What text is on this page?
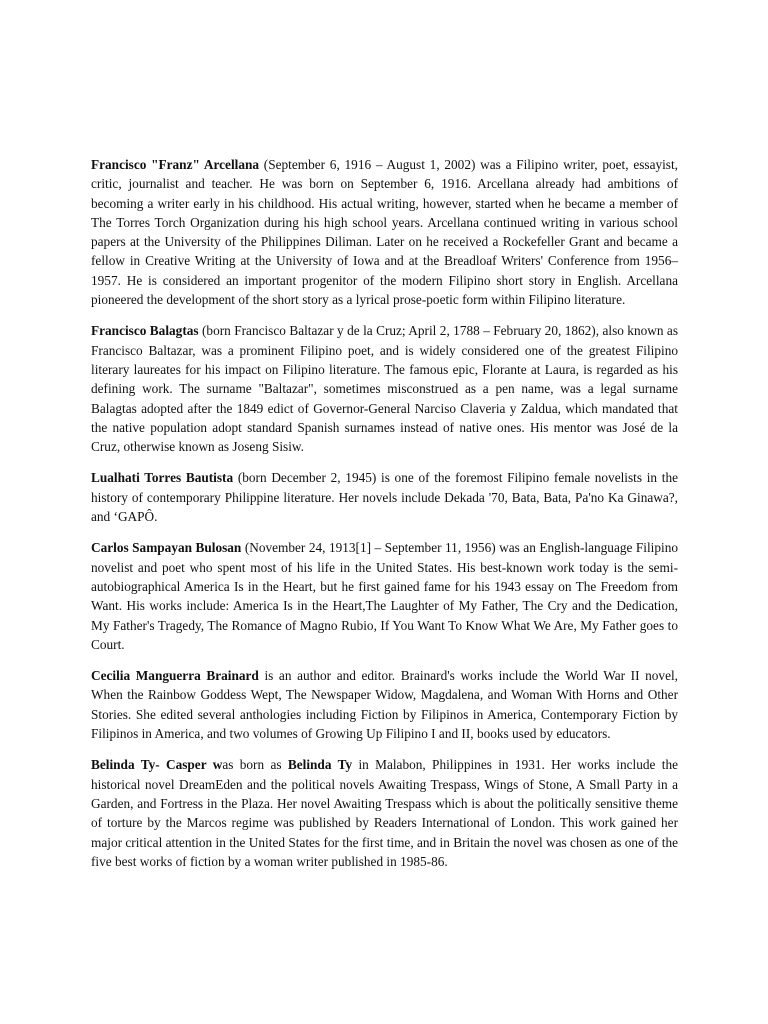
Francisco "Franz" Arcellana (September 6, 1916 – August 1, 2002) was a Filipino writer, poet, essayist, critic, journalist and teacher. He was born on September 6, 1916. Arcellana already had ambitions of becoming a writer early in his childhood. His actual writing, however, started when he became a member of The Torres Torch Organization during his high school years. Arcellana continued writing in various school papers at the University of the Philippines Diliman. Later on he received a Rockefeller Grant and became a fellow in Creative Writing at the University of Iowa and at the Breadloaf Writers' Conference from 1956– 1957. He is considered an important progenitor of the modern Filipino short story in English. Arcellana pioneered the development of the short story as a lyrical prose-poetic form within Filipino literature.

Francisco Balagtas (born Francisco Baltazar y de la Cruz; April 2, 1788 – February 20, 1862), also known as Francisco Baltazar, was a prominent Filipino poet, and is widely considered one of the greatest Filipino literary laureates for his impact on Filipino literature. The famous epic, Florante at Laura, is regarded as his defining work. The surname "Baltazar", sometimes misconstrued as a pen name, was a legal surname Balagtas adopted after the 1849 edict of Governor-General Narciso Claveria y Zaldua, which mandated that the native population adopt standard Spanish surnames instead of native ones. His mentor was José de la Cruz, otherwise known as Joseng Sisiw.

Lualhati Torres Bautista (born December 2, 1945) is one of the foremost Filipino female novelists in the history of contemporary Philippine literature. Her novels include Dekada '70, Bata, Bata, Pa'no Ka Ginawa?, and ‘GAPÔ.

Carlos Sampayan Bulosan (November 24, 1913[1] – September 11, 1956) was an English-language Filipino novelist and poet who spent most of his life in the United States. His best-known work today is the semi-autobiographical America Is in the Heart, but he first gained fame for his 1943 essay on The Freedom from Want. His works include: America Is in the Heart,The Laughter of My Father, The Cry and the Dedication, My Father's Tragedy, The Romance of Magno Rubio, If You Want To Know What We Are, My Father goes to Court.

Cecilia Manguerra Brainard is an author and editor. Brainard's works include the World War II novel, When the Rainbow Goddess Wept, The Newspaper Widow, Magdalena, and Woman With Horns and Other Stories. She edited several anthologies including Fiction by Filipinos in America, Contemporary Fiction by Filipinos in America, and two volumes of Growing Up Filipino I and II, books used by educators.

Belinda Ty- Casper was born as Belinda Ty in Malabon, Philippines in 1931. Her works include the historical novel DreamEden and the political novels Awaiting Trespass, Wings of Stone, A Small Party in a Garden, and Fortress in the Plaza. Her novel Awaiting Trespass which is about the politically sensitive theme of torture by the Marcos regime was published by Readers International of London. This work gained her major critical attention in the United States for the first time, and in Britain the novel was chosen as one of the five best works of fiction by a woman writer published in 1985-86.
